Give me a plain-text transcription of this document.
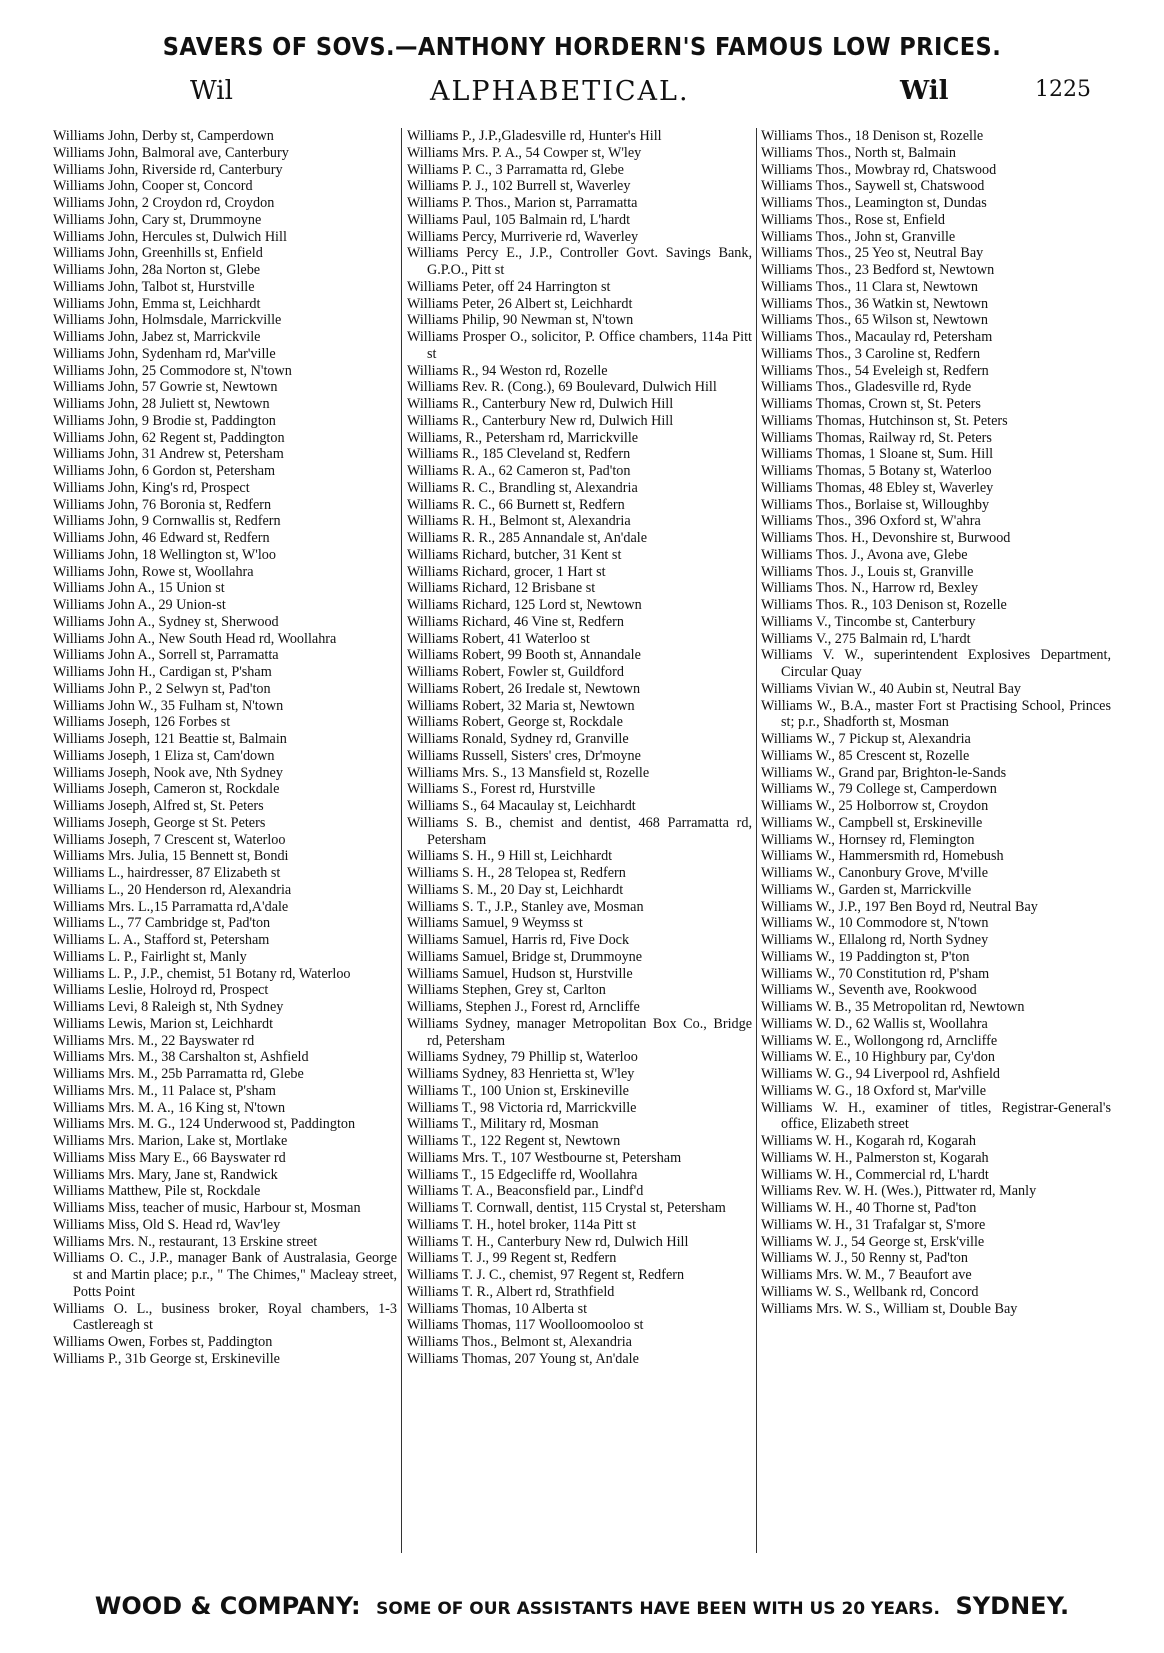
SAVERS OF SOVS.—ANTHONY HORDERN'S FAMOUS LOW PRICES.
Wil	ALPHABETICAL.	Wil	1225
Williams John, Derby st, Camperdown
Williams John, Balmoral ave, Canterbury
Williams John, Riverside rd, Canterbury
Williams John, Cooper st, Concord
Williams John, 2 Croydon rd, Croydon
Williams John, Cary st, Drummoyne
Williams John, Hercules st, Dulwich Hill
Williams John, Greenhills st, Enfield
Williams John, 28a Norton st, Glebe
Williams John, Talbot st, Hurstville
Williams John, Emma st, Leichhardt
Williams John, Holmsdale, Marrickville
Williams John, Jabez st, Marrickvile
Williams John, Sydenham rd, Mar'ville
Williams John, 25 Commodore st, N'town
Williams John, 57 Gowrie st, Newtown
Williams John, 28 Juliett st, Newtown
Williams John, 9 Brodie st, Paddington
Williams John, 62 Regent st, Paddington
Williams John, 31 Andrew st, Petersham
Williams John, 6 Gordon st, Petersham
Williams John, King's rd, Prospect
Williams John, 76 Boronia st, Redfern
Williams John, 9 Cornwallis st, Redfern
Williams John, 46 Edward st, Redfern
Williams John, 18 Wellington st, W'loo
Williams John, Rowe st, Woollahra
Williams John A., 15 Union st
Williams John A., 29 Union-st
Williams John A., Sydney st, Sherwood
Williams John A., New South Head rd, Woollahra
Williams John A., Sorrell st, Parramatta
Williams John H., Cardigan st, P'sham
Williams John P., 2 Selwyn st, Pad'ton
Williams John W., 35 Fulham st, N'town
Williams Joseph, 126 Forbes st
Williams Joseph, 121 Beattie st, Balmain
Williams Joseph, 1 Eliza st, Cam'down
Williams Joseph, Nook ave, Nth Sydney
Williams Joseph, Cameron st, Rockdale
Williams Joseph, Alfred st, St. Peters
Williams Joseph, George st St. Peters
Williams Joseph, 7 Crescent st, Waterloo
Williams Mrs. Julia, 15 Bennett st, Bondi
Williams L., hairdresser, 87 Elizabeth st
Williams L., 20 Henderson rd, Alexandria
Williams Mrs. L.,15 Parramatta rd,A'dale
Williams L., 77 Cambridge st, Pad'ton
Williams L. A., Stafford st, Petersham
Williams L. P., Fairlight st, Manly
Williams L. P., J.P., chemist, 51 Botany rd, Waterloo
Williams Leslie, Holroyd rd, Prospect
Williams Levi, 8 Raleigh st, Nth Sydney
Williams Lewis, Marion st, Leichhardt
Williams Mrs. M., 22 Bayswater rd
Williams Mrs. M., 38 Carshalton st, Ashfield
Williams Mrs. M., 25b Parramatta rd, Glebe
Williams Mrs. M., 11 Palace st, P'sham
Williams Mrs. M. A., 16 King st, N'town
Williams Mrs. M. G., 124 Underwood st, Paddington
Williams Mrs. Marion, Lake st, Mortlake
Williams Miss Mary E., 66 Bayswater rd
Williams Mrs. Mary, Jane st, Randwick
Williams Matthew, Pile st, Rockdale
Williams Miss, teacher of music, Harbour st, Mosman
Williams Miss, Old S. Head rd, Wav'ley
Williams Mrs. N., restaurant, 13 Erskine street
Williams O. C., J.P., manager Bank of Australasia, George st and Martin place; p.r., " The Chimes," Macleay street, Potts Point
Williams O. L., business broker, Royal chambers, 1-3 Castlereagh st
Williams Owen, Forbes st, Paddington
Williams P., 31b George st, Erskineville
Williams P., J.P.,Gladesville rd, Hunter's Hill
Williams Mrs. P. A., 54 Cowper st, W'ley
Williams P. C., 3 Parramatta rd, Glebe
Williams P. J., 102 Burrell st, Waverley
Williams P. Thos., Marion st, Parramatta
Williams Paul, 105 Balmain rd, L'hardt
Williams Percy, Murriverie rd, Waverley
Williams Percy E., J.P., Controller Govt. Savings Bank, G.P.O., Pitt st
Williams Peter, off 24 Harrington st
Williams Peter, 26 Albert st, Leichhardt
Williams Philip, 90 Newman st, N'town
Williams Prosper O., solicitor, P. Office chambers, 114a Pitt st
Williams R., 94 Weston rd, Rozelle
Williams Rev. R. (Cong.), 69 Boulevard, Dulwich Hill
Williams R., Canterbury New rd, Dulwich Hill
Williams R., Canterbury New rd, Dulwich Hill
Williams, R., Petersham rd, Marrickville
Williams R., 185 Cleveland st, Redfern
Williams R. A., 62 Cameron st, Pad'ton
Williams R. C., Brandling st, Alexandria
Williams R. C., 66 Burnett st, Redfern
Williams R. H., Belmont st, Alexandria
Williams R. R., 285 Annandale st, An'dale
Williams Richard, butcher, 31 Kent st
Williams Richard, grocer, 1 Hart st
Williams Richard, 12 Brisbane st
Williams Richard, 125 Lord st, Newtown
Williams Richard, 46 Vine st, Redfern
Williams Robert, 41 Waterloo st
Williams Robert, 99 Booth st, Annandale
Williams Robert, Fowler st, Guildford
Williams Robert, 26 Iredale st, Newtown
Williams Robert, 32 Maria st, Newtown
Williams Robert, George st, Rockdale
Williams Ronald, Sydney rd, Granville
Williams Russell, Sisters' cres, Dr'moyne
Williams Mrs. S., 13 Mansfield st, Rozelle
Williams S., Forest rd, Hurstville
Williams S., 64 Macaulay st, Leichhardt
Williams S. B., chemist and dentist, 468 Parramatta rd, Petersham
Williams S. H., 9 Hill st, Leichhardt
Williams S. H., 28 Telopea st, Redfern
Williams S. M., 20 Day st, Leichhardt
Williams S. T., J.P., Stanley ave, Mosman
Williams Samuel, 9 Weymss st
Williams Samuel, Harris rd, Five Dock
Williams Samuel, Bridge st, Drummoyne
Williams Samuel, Hudson st, Hurstville
Williams Stephen, Grey st, Carlton
Williams, Stephen J., Forest rd, Arncliffe
Williams Sydney, manager Metropolitan Box Co., Bridge rd, Petersham
Williams Sydney, 79 Phillip st, Waterloo
Williams Sydney, 83 Henrietta st, W'ley
Williams T., 100 Union st, Erskineville
Williams T., 98 Victoria rd, Marrickville
Williams T., Military rd, Mosman
Williams T., 122 Regent st, Newtown
Williams Mrs. T., 107 Westbourne st, Petersham
Williams T., 15 Edgecliffe rd, Woollahra
Williams T. A., Beaconsfield par., Lindf'd
Williams T. Cornwall, dentist, 115 Crystal st, Petersham
Williams T. H., hotel broker, 114a Pitt st
Williams T. H., Canterbury New rd, Dulwich Hill
Williams T. J., 99 Regent st, Redfern
Williams T. J. C., chemist, 97 Regent st, Redfern
Williams T. R., Albert rd, Strathfield
Williams Thomas, 10 Alberta st
Williams Thomas, 117 Woolloomooloo st
Williams Thos., Belmont st, Alexandria
Williams Thomas, 207 Young st, An'dale
Williams Thos., 18 Denison st, Rozelle
Williams Thos., North st, Balmain
Williams Thos., Mowbray rd, Chatswood
Williams Thos., Saywell st, Chatswood
Williams Thos., Leamington st, Dundas
Williams Thos., Rose st, Enfield
Williams Thos., John st, Granville
Williams Thos., 25 Yeo st, Neutral Bay
Williams Thos., 23 Bedford st, Newtown
Williams Thos., 11 Clara st, Newtown
Williams Thos., 36 Watkin st, Newtown
Williams Thos., 65 Wilson st, Newtown
Williams Thos., Macaulay rd, Petersham
Williams Thos., 3 Caroline st, Redfern
Williams Thos., 54 Eveleigh st, Redfern
Williams Thos., Gladesville rd, Ryde
Williams Thomas, Crown st, St. Peters
Williams Thomas, Hutchinson st, St. Peters
Williams Thomas, Railway rd, St. Peters
Williams Thomas, 1 Sloane st, Sum. Hill
Williams Thomas, 5 Botany st, Waterloo
Williams Thomas, 48 Ebley st, Waverley
Williams Thos., Borlaise st, Willoughby
Williams Thos., 396 Oxford st, W'ahra
Williams Thos. H., Devonshire st, Burwood
Williams Thos. J., Avona ave, Glebe
Williams Thos. J., Louis st, Granville
Williams Thos. N., Harrow rd, Bexley
Williams Thos. R., 103 Denison st, Rozelle
Williams V., Tincombe st, Canterbury
Williams V., 275 Balmain rd, L'hardt
Williams V. W., superintendent Explosives Department, Circular Quay
Williams Vivian W., 40 Aubin st, Neutral Bay
Williams W., B.A., master Fort st Practising School, Princes st; p.r., Shadforth st, Mosman
Williams W., 7 Pickup st, Alexandria
Williams W., 85 Crescent st, Rozelle
Williams W., Grand par, Brighton-le-Sands
Williams W., 79 College st, Camperdown
Williams W., 25 Holborrow st, Croydon
Williams W., Campbell st, Erskineville
Williams W., Hornsey rd, Flemington
Williams W., Hammersmith rd, Homebush
Williams W., Canonbury Grove, M'ville
Williams W., Garden st, Marrickville
Williams W., J.P., 197 Ben Boyd rd, Neutral Bay
Williams W., 10 Commodore st, N'town
Williams W., Ellalong rd, North Sydney
Williams W., 19 Paddington st, P'ton
Williams W., 70 Constitution rd, P'sham
Williams W., Seventh ave, Rookwood
Williams W. B., 35 Metropolitan rd, Newtown
Williams W. D., 62 Wallis st, Woollahra
Williams W. E., Wollongong rd, Arncliffe
Williams W. E., 10 Highbury par, Cy'don
Williams W. G., 94 Liverpool rd, Ashfield
Williams W. G., 18 Oxford st, Mar'ville
Williams W. H., examiner of titles, Registrar-General's office, Elizabeth street
Williams W. H., Kogarah rd, Kogarah
Williams W. H., Palmerston st, Kogarah
Williams W. H., Commercial rd, L'hardt
Williams Rev. W. H. (Wes.), Pittwater rd, Manly
Williams W. H., 40 Thorne st, Pad'ton
Williams W. H., 31 Trafalgar st, S'more
Williams W. J., 54 George st, Ersk'ville
Williams W. J., 50 Renny st, Pad'ton
Williams Mrs. W. M., 7 Beaufort ave
Williams W. S., Wellbank rd, Concord
Williams Mrs. W. S., William st, Double Bay
WOOD & COMPANY: SOME OF OUR ASSISTANTS HAVE BEEN WITH US 20 YEARS. SYDNEY.
